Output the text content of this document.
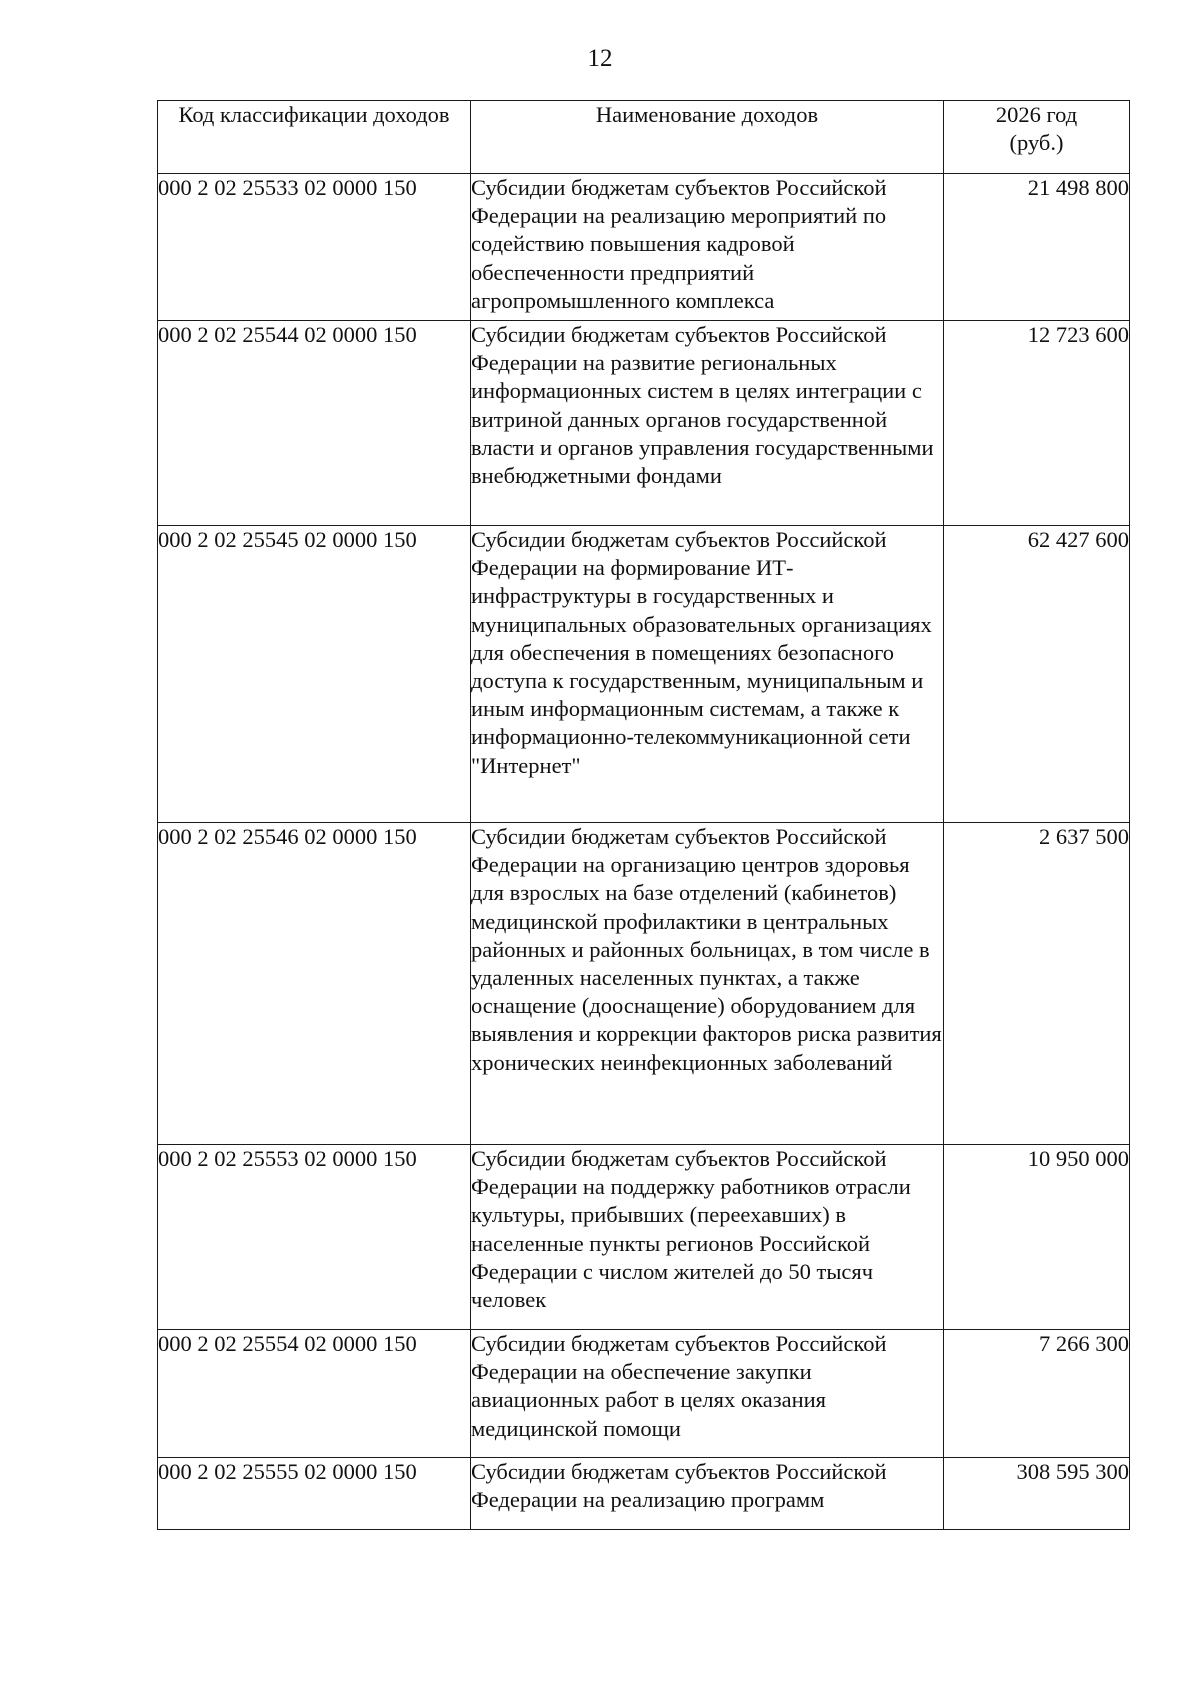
12
Код классификации доходов	Наименование доходов	2026 год
(руб.)

000 2 02 25533 02 0000 150	Субсидии бюджетам субъектов Российской Федерации на реализацию мероприятий по содействию повышения кадровой обеспеченности предприятий агропромышленного комплекса	21 498 800
000 2 02 25544 02 0000 150	Субсидии бюджетам субъектов Российской Федерации на развитие региональных информационных систем в целях интеграции с витриной данных органов государственной власти и органов управления государственными внебюджетными фондами	12 723 600
000 2 02 25545 02 0000 150	Субсидии бюджетам субъектов Российской Федерации на формирование ИТ-инфраструктуры в государственных и муниципальных образовательных организациях для обеспечения в помещениях безопасного доступа к государственным, муниципальным и иным информационным системам, а также к информационно-телекоммуникационной сети "Интернет"	62 427 600
000 2 02 25546 02 0000 150	Субсидии бюджетам субъектов Российской Федерации на организацию центров здоровья для взрослых на базе отделений (кабинетов) медицинской профилактики в центральных районных и районных больницах, в том числе в удаленных населенных пунктах, а также оснащение (дооснащение) оборудованием для выявления и коррекции факторов риска развития хронических неинфекционных заболеваний	2 637 500
000 2 02 25553 02 0000 150	Субсидии бюджетам субъектов Российской Федерации на поддержку работников отрасли культуры, прибывших (переехавших) в населенные пункты регионов Российской Федерации с числом жителей до 50 тысяч человек	10 950 000
000 2 02 25554 02 0000 150	Субсидии бюджетам субъектов Российской Федерации на обеспечение закупки авиационных работ в целях оказания медицинской помощи	7 266 300
000 2 02 25555 02 0000 150	Субсидии бюджетам субъектов Российской Федерации на реализацию программ	308 595 300
